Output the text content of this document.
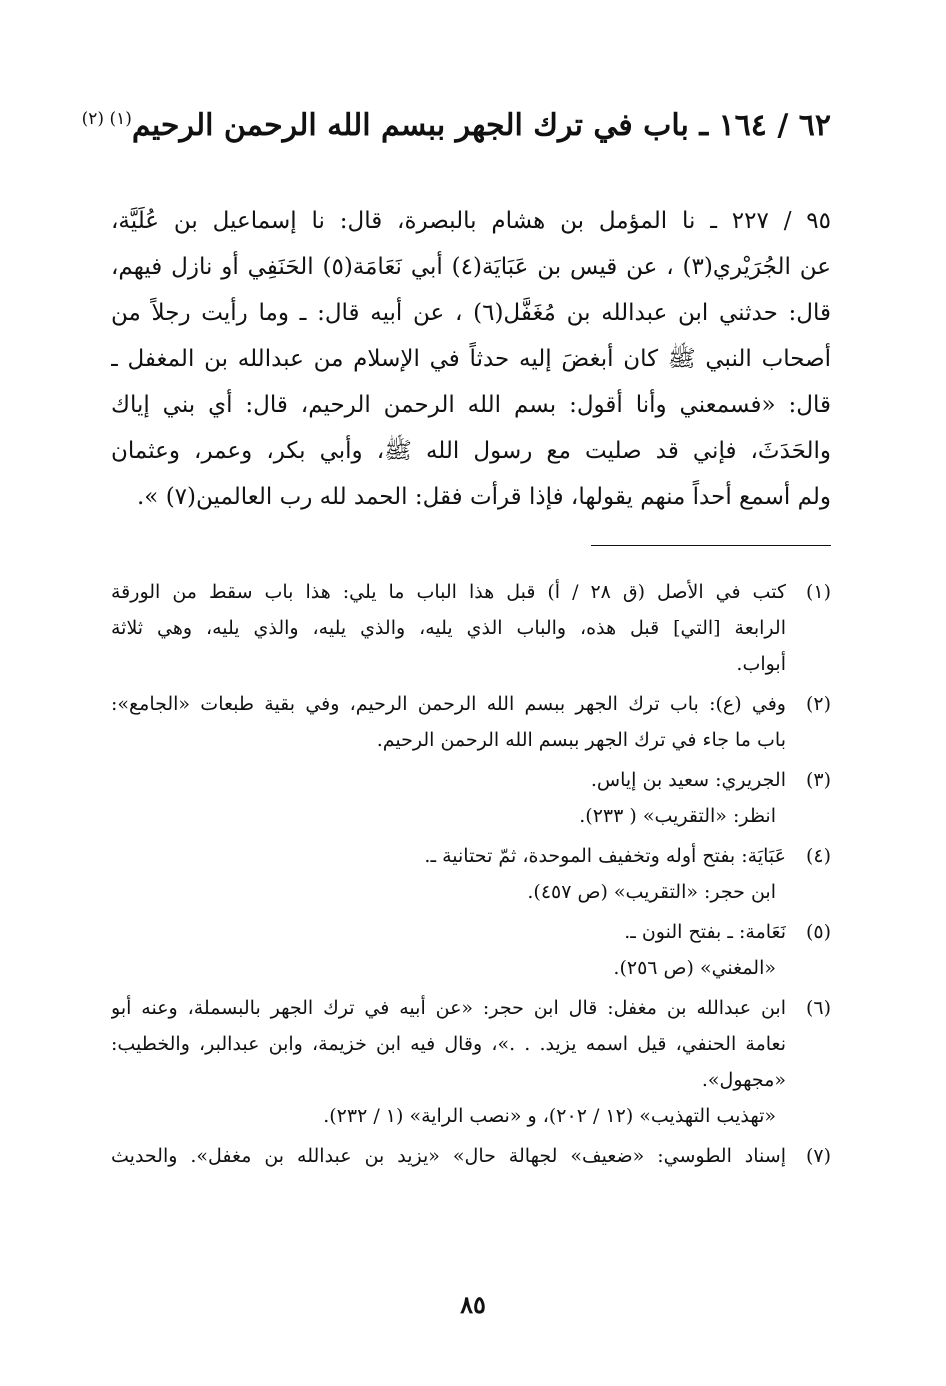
٦٢ / ١٦٤ ـ باب في ترك الجهر ببسم الله الرحمن الرحيم$^{(١) (٢)}$
٩٥ / ٢٢٧ ـ نا المؤمل بن هشام بالبصرة، قال: نا إسماعيل بن عُلَيَّة،
عن الجُرَيْري(٣) ، عن قيس بن عَبَايَة(٤) أبي نَعَامَة(٥) الحَنَفِي أو نازل فيهم،
قال: حدثني ابن عبدالله بن مُغَفَّل(٦) ، عن أبيه قال: ـ وما رأيت رجلاً من
أصحاب النبي ﷺ كان أبغضَ إليه حدثاً في الإسلام من عبدالله بن المغفل ـ
قال: «فسمعني وأنا أقول: بسم الله الرحمن الرحيم، قال: أي بني إياك
والحَدَثَ، فإني قد صليت مع رسول الله ﷺ، وأبي بكر، وعمر، وعثمان
ولم أسمع أحداً منهم يقولها، فإذا قرأت فقل: الحمد لله رب العالمين(٧) ».
(١)
كتب في الأصل (ق ٢٨ / أ) قبل هذا الباب ما يلي: هذا باب سقط من الورقة
الرابعة [التي] قبل هذه، والباب الذي يليه، والذي يليه، والذي يليه، وهي ثلاثة
أبواب.
(٢)
وفي (ع): باب ترك الجهر ببسم الله الرحمن الرحيم، وفي بقية طبعات «الجامع»:
باب ما جاء في ترك الجهر ببسم الله الرحمن الرحيم.
(٣)
الجريري: سعيد بن إياس.
انظر: «التقريب» ( ٢٣٣).
(٤)
عَبَايَة: بفتح أوله وتخفيف الموحدة، ثمّ تحتانية ـ.
ابن حجر: «التقريب» (ص ٤٥٧).
(٥)
نَعَامة: ـ بفتح النون ـ.
«المغني» (ص ٢٥٦).
(٦)
ابن عبدالله بن مغفل: قال ابن حجر: «عن أبيه في ترك الجهر بالبسملة، وعنه أبو
نعامة الحنفي، قيل اسمه يزيد. . .»، وقال فيه ابن خزيمة، وابن عبدالبر، والخطيب:
«مجهول».
«تهذيب التهذيب» (١٢ / ٢٠٢)، و «نصب الراية» (١ / ٢٣٢).
(٧)
إسناد الطوسي: «ضعيف» لجهالة حال» «يزيد بن عبدالله بن مغفل». والحديث
٨٥
